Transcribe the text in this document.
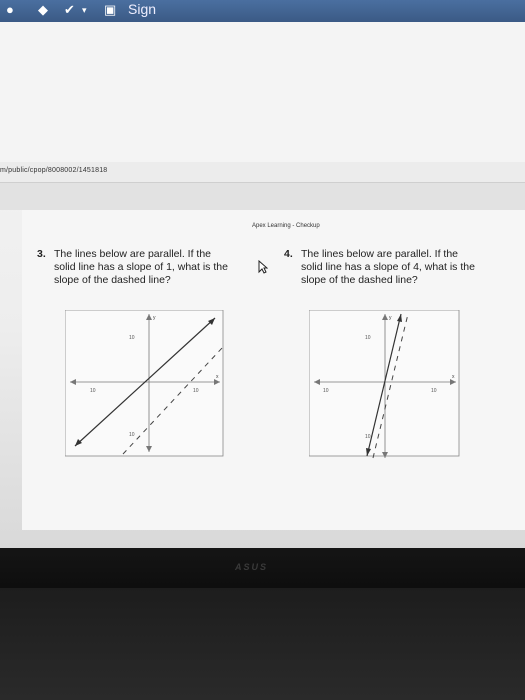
● ◆ ✔ ▾ ▣ Sign
m/public/cpop/8008002/1451818
Apex Learning - Checkup
3. The lines below are parallel. If the
solid line has a slope of 1, what is the
slope of the dashed line?
4. The lines below are parallel. If the
solid line has a slope of 4, what is the
slope of the dashed line?
y
x
10
10
10	10
y
x
10
10
10	10
ASUS
